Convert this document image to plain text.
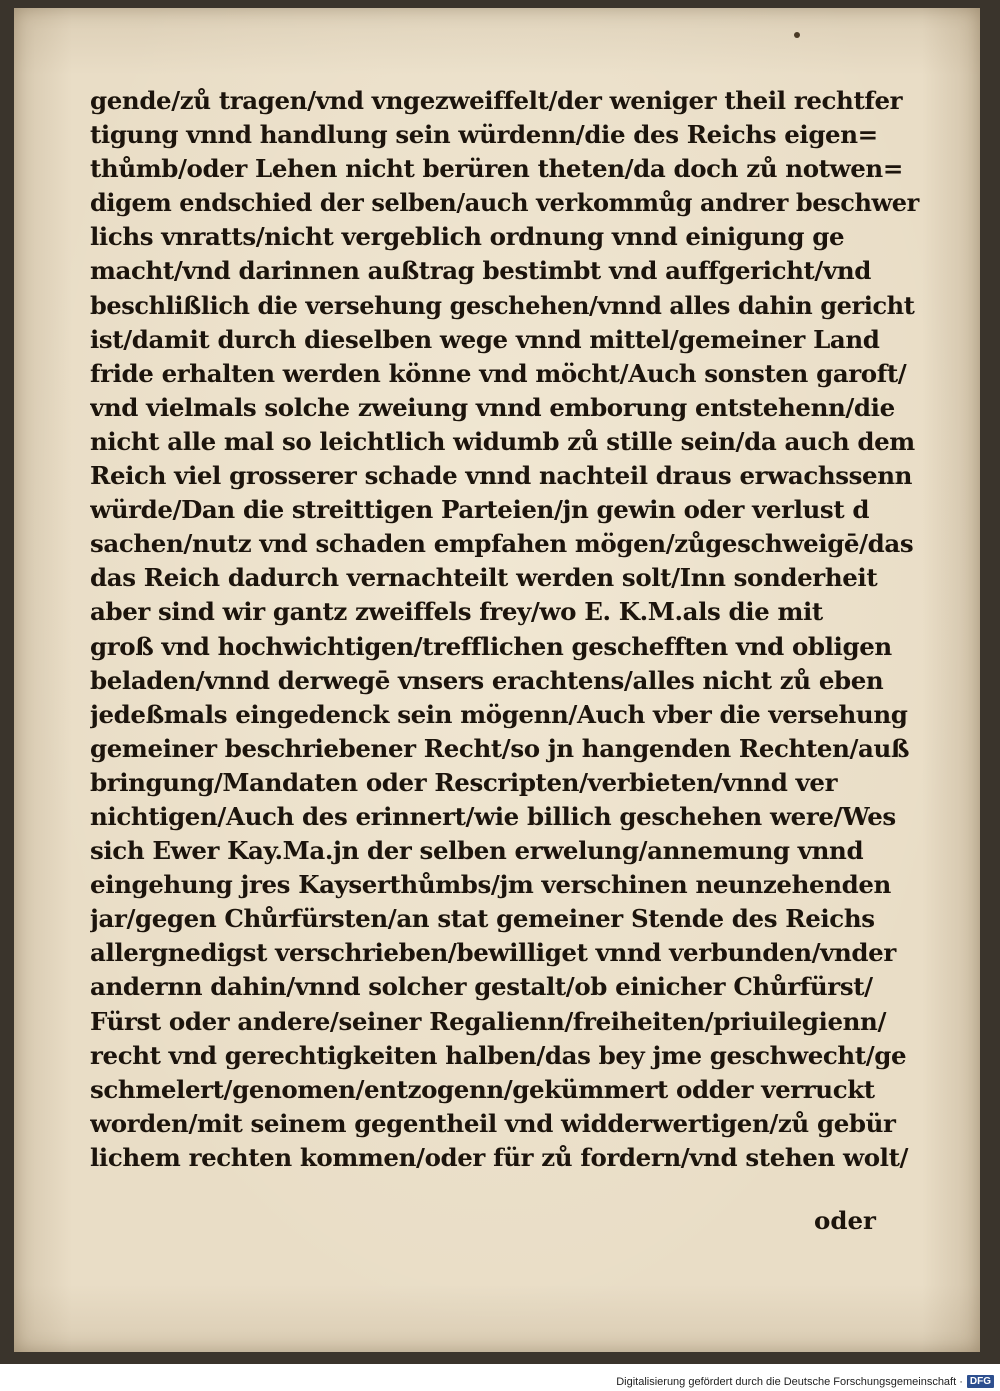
gende/zů tragen/vnd vngezweiffelt/der weniger theil rechtfer
tigung vnnd handlung sein würdenn/die des Reichs eigen=
thůmb/oder Lehen nicht berüren theten/da doch zů notwen=
digem endschied der selben/auch verkommůg andrer beschwer
lichs vnratts/nicht vergeblich ordnung vnnd einigung ge
macht/vnd darinnen außtrag bestimbt vnd auffgericht/vnd
beschlißlich die versehung geschehen/vnnd alles dahin gericht
ist/damit durch dieselben wege vnnd mittel/gemeiner Land
fride erhalten werden könne vnd möcht/Auch sonsten garoft/
vnd vielmals solche zweiung vnnd emborung entstehenn/die
nicht alle mal so leichtlich widumb zů stille sein/da auch dem
Reich viel grosserer schade vnnd nachteil draus erwachssenn
würde/Dan die streittigen Parteien/jn gewin oder verlust d
sachen/nutz vnd schaden empfahen mögen/zůgeschweigē/das
das Reich dadurch vernachteilt werden solt/Inn sonderheit
aber sind wir gantz zweiffels frey/wo E. K.M.als die mit
groß vnd hochwichtigen/trefflichen geschefften vnd obligen
beladen/vnnd derwegē vnsers erachtens/alles nicht zů eben
jedeßmals eingedenck sein mögenn/Auch vber die versehung
gemeiner beschriebener Recht/so jn hangenden Rechten/auß
bringung/Mandaten oder Rescripten/verbieten/vnnd ver
nichtigen/Auch des erinnert/wie billich geschehen were/Wes
sich Ewer Kay.Ma.jn der selben erwelung/annemung vnnd
eingehung jres Kayserthůmbs/jm verschinen neunzehenden
jar/gegen Chůrfürsten/an stat gemeiner Stende des Reichs
allergnedigst verschrieben/bewilliget vnnd verbunden/vnder
andernn dahin/vnnd solcher gestalt/ob einicher Chůrfürst/
Fürst oder andere/seiner Regalienn/freiheiten/priuilegienn/
recht vnd gerechtigkeiten halben/das bey jme geschwecht/ge
schmelert/genomen/entzogenn/gekümmert odder verruckt
worden/mit seinem gegentheil vnd widderwertigen/zů gebür
lichem rechten kommen/oder für zů fordern/vnd stehen wolt/
oder
Digitalisierung gefördert durch die Deutsche Forschungsgemeinschaft · DFG
